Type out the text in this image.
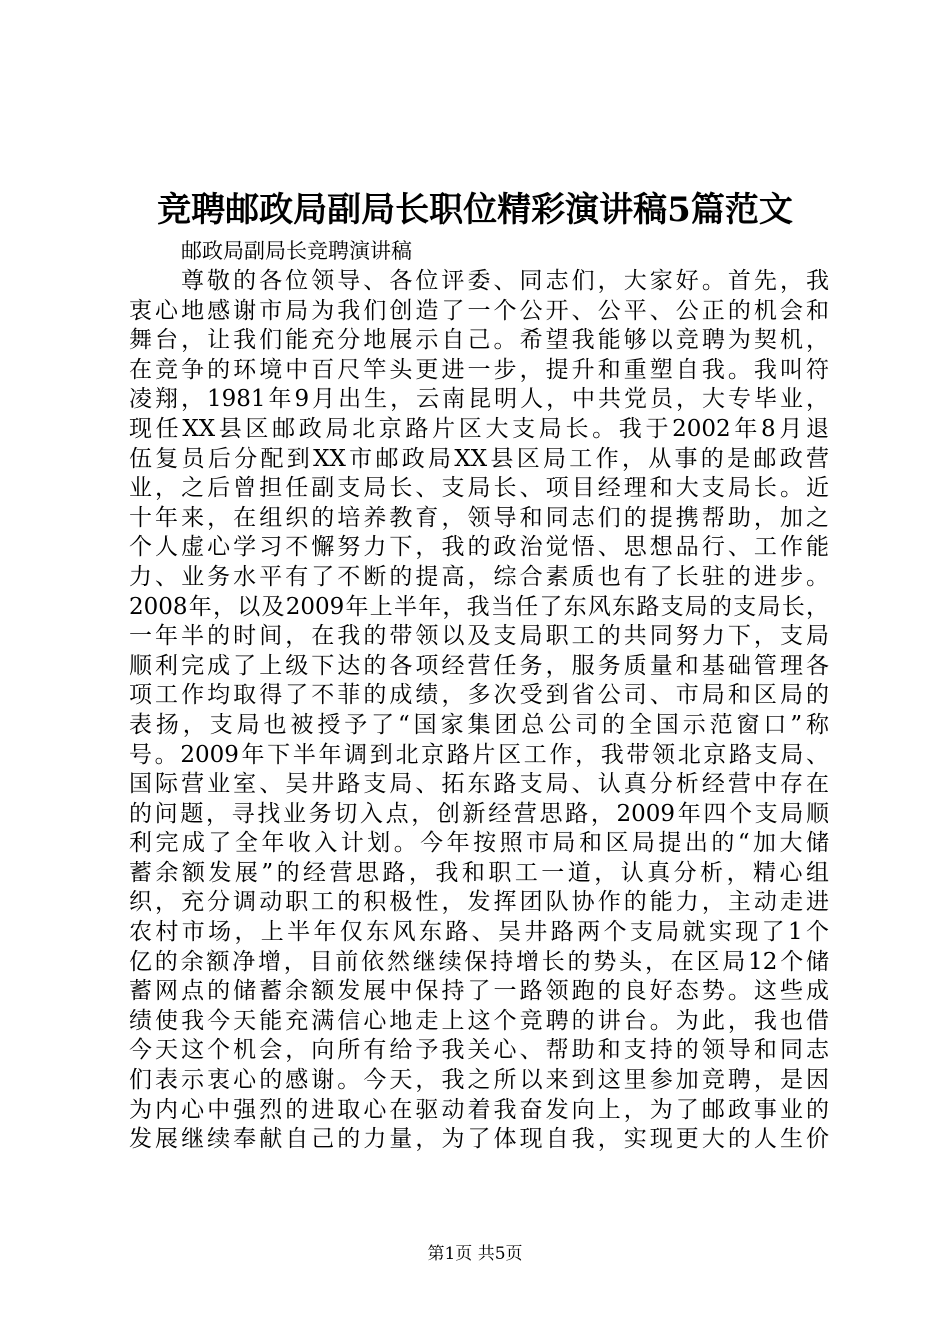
竞聘邮政局副局长职位精彩演讲稿5篇范文
邮政局副局长竞聘演讲稿
尊敬的各位领导、各位评委、同志们，大家好。首先，我
衷心地感谢市局为我们创造了一个公开、公平、公正的机会和
舞台，让我们能充分地展示自己。希望我能够以竞聘为契机，
在竞争的环境中百尺竿头更进一步，提升和重塑自我。我叫符
凌翔，1981年9月出生，云南昆明人，中共党员，大专毕业，
现任XX县区邮政局北京路片区大支局长。我于2002年8月退
伍复员后分配到XX市邮政局XX县区局工作，从事的是邮政营
业，之后曾担任副支局长、支局长、项目经理和大支局长。近
十年来，在组织的培养教育，领导和同志们的提携帮助，加之
个人虚心学习不懈努力下，我的政治觉悟、思想品行、工作能
力、业务水平有了不断的提高，综合素质也有了长驻的进步。
2008年，以及2009年上半年，我当任了东风东路支局的支局长，
一年半的时间，在我的带领以及支局职工的共同努力下，支局
顺利完成了上级下达的各项经营任务，服务质量和基础管理各
项工作均取得了不菲的成绩，多次受到省公司、市局和区局的
表扬，支局也被授予了“国家集团总公司的全国示范窗口”称
号。2009年下半年调到北京路片区工作，我带领北京路支局、
国际营业室、吴井路支局、拓东路支局、认真分析经营中存在
的问题，寻找业务切入点，创新经营思路，2009年四个支局顺
利完成了全年收入计划。今年按照市局和区局提出的“加大储
蓄余额发展”的经营思路，我和职工一道，认真分析，精心组
织，充分调动职工的积极性，发挥团队协作的能力，主动走进
农村市场，上半年仅东风东路、吴井路两个支局就实现了1个
亿的余额净增，目前依然继续保持增长的势头，在区局12个储
蓄网点的储蓄余额发展中保持了一路领跑的良好态势。这些成
绩使我今天能充满信心地走上这个竞聘的讲台。为此，我也借
今天这个机会，向所有给予我关心、帮助和支持的领导和同志
们表示衷心的感谢。今天，我之所以来到这里参加竞聘，是因
为内心中强烈的进取心在驱动着我奋发向上，为了邮政事业的
发展继续奉献自己的力量，为了体现自我，实现更大的人生价
第1页 共5页
